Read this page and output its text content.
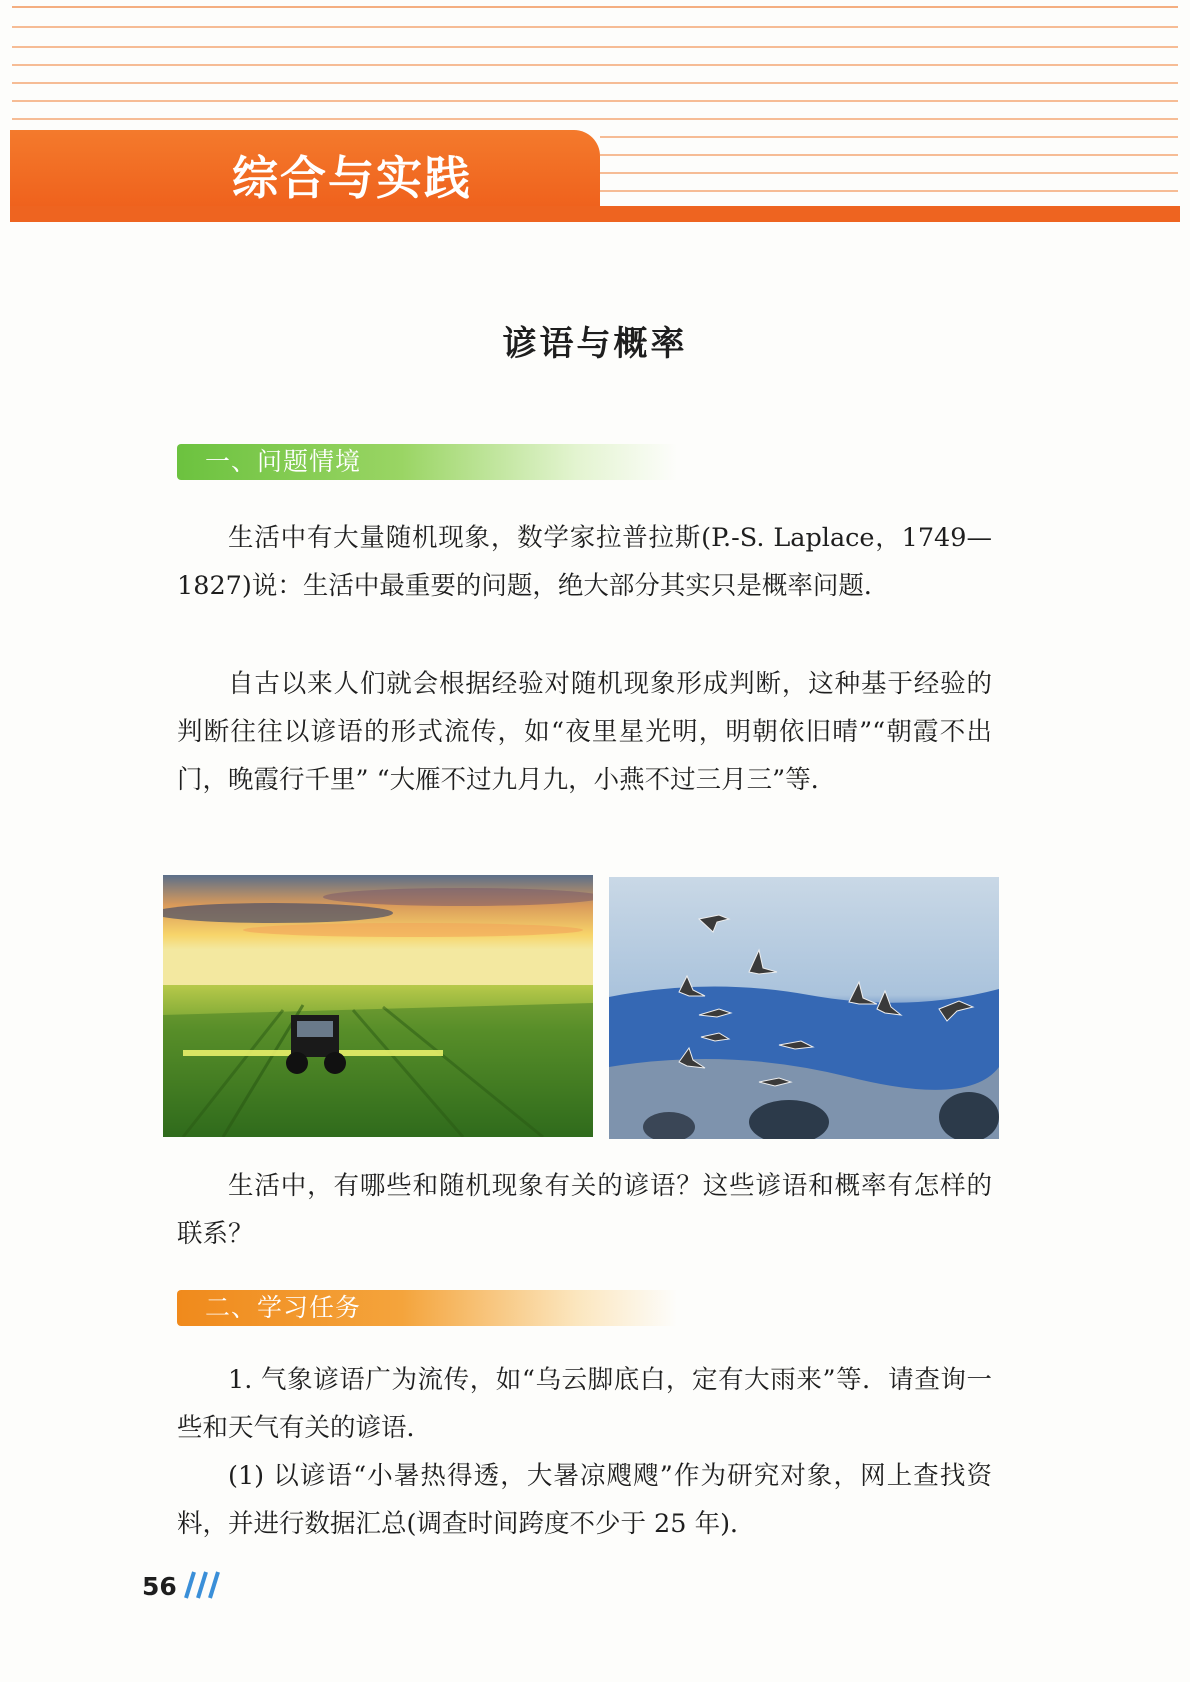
综合与实践
谚语与概率
一、问题情境

生活中有大量随机现象，数学家拉普拉斯(P.-S. Laplace，1749—1827)说：生活中最重要的问题，绝大部分其实只是概率问题．

自古以来人们就会根据经验对随机现象形成判断，这种基于经验的判断往往以谚语的形式流传，如“夜里星光明，明朝依旧晴”“朝霞不出门，晚霞行千里” “大雁不过九月九，小燕不过三月三”等．

生活中，有哪些和随机现象有关的谚语？这些谚语和概率有怎样的联系？

二、学习任务

1. 气象谚语广为流传，如“乌云脚底白，定有大雨来”等．请查询一些和天气有关的谚语．

(1) 以谚语“小暑热得透，大暑凉飕飕”作为研究对象，网上查找资料，并进行数据汇总(调查时间跨度不少于 25 年)．

56
